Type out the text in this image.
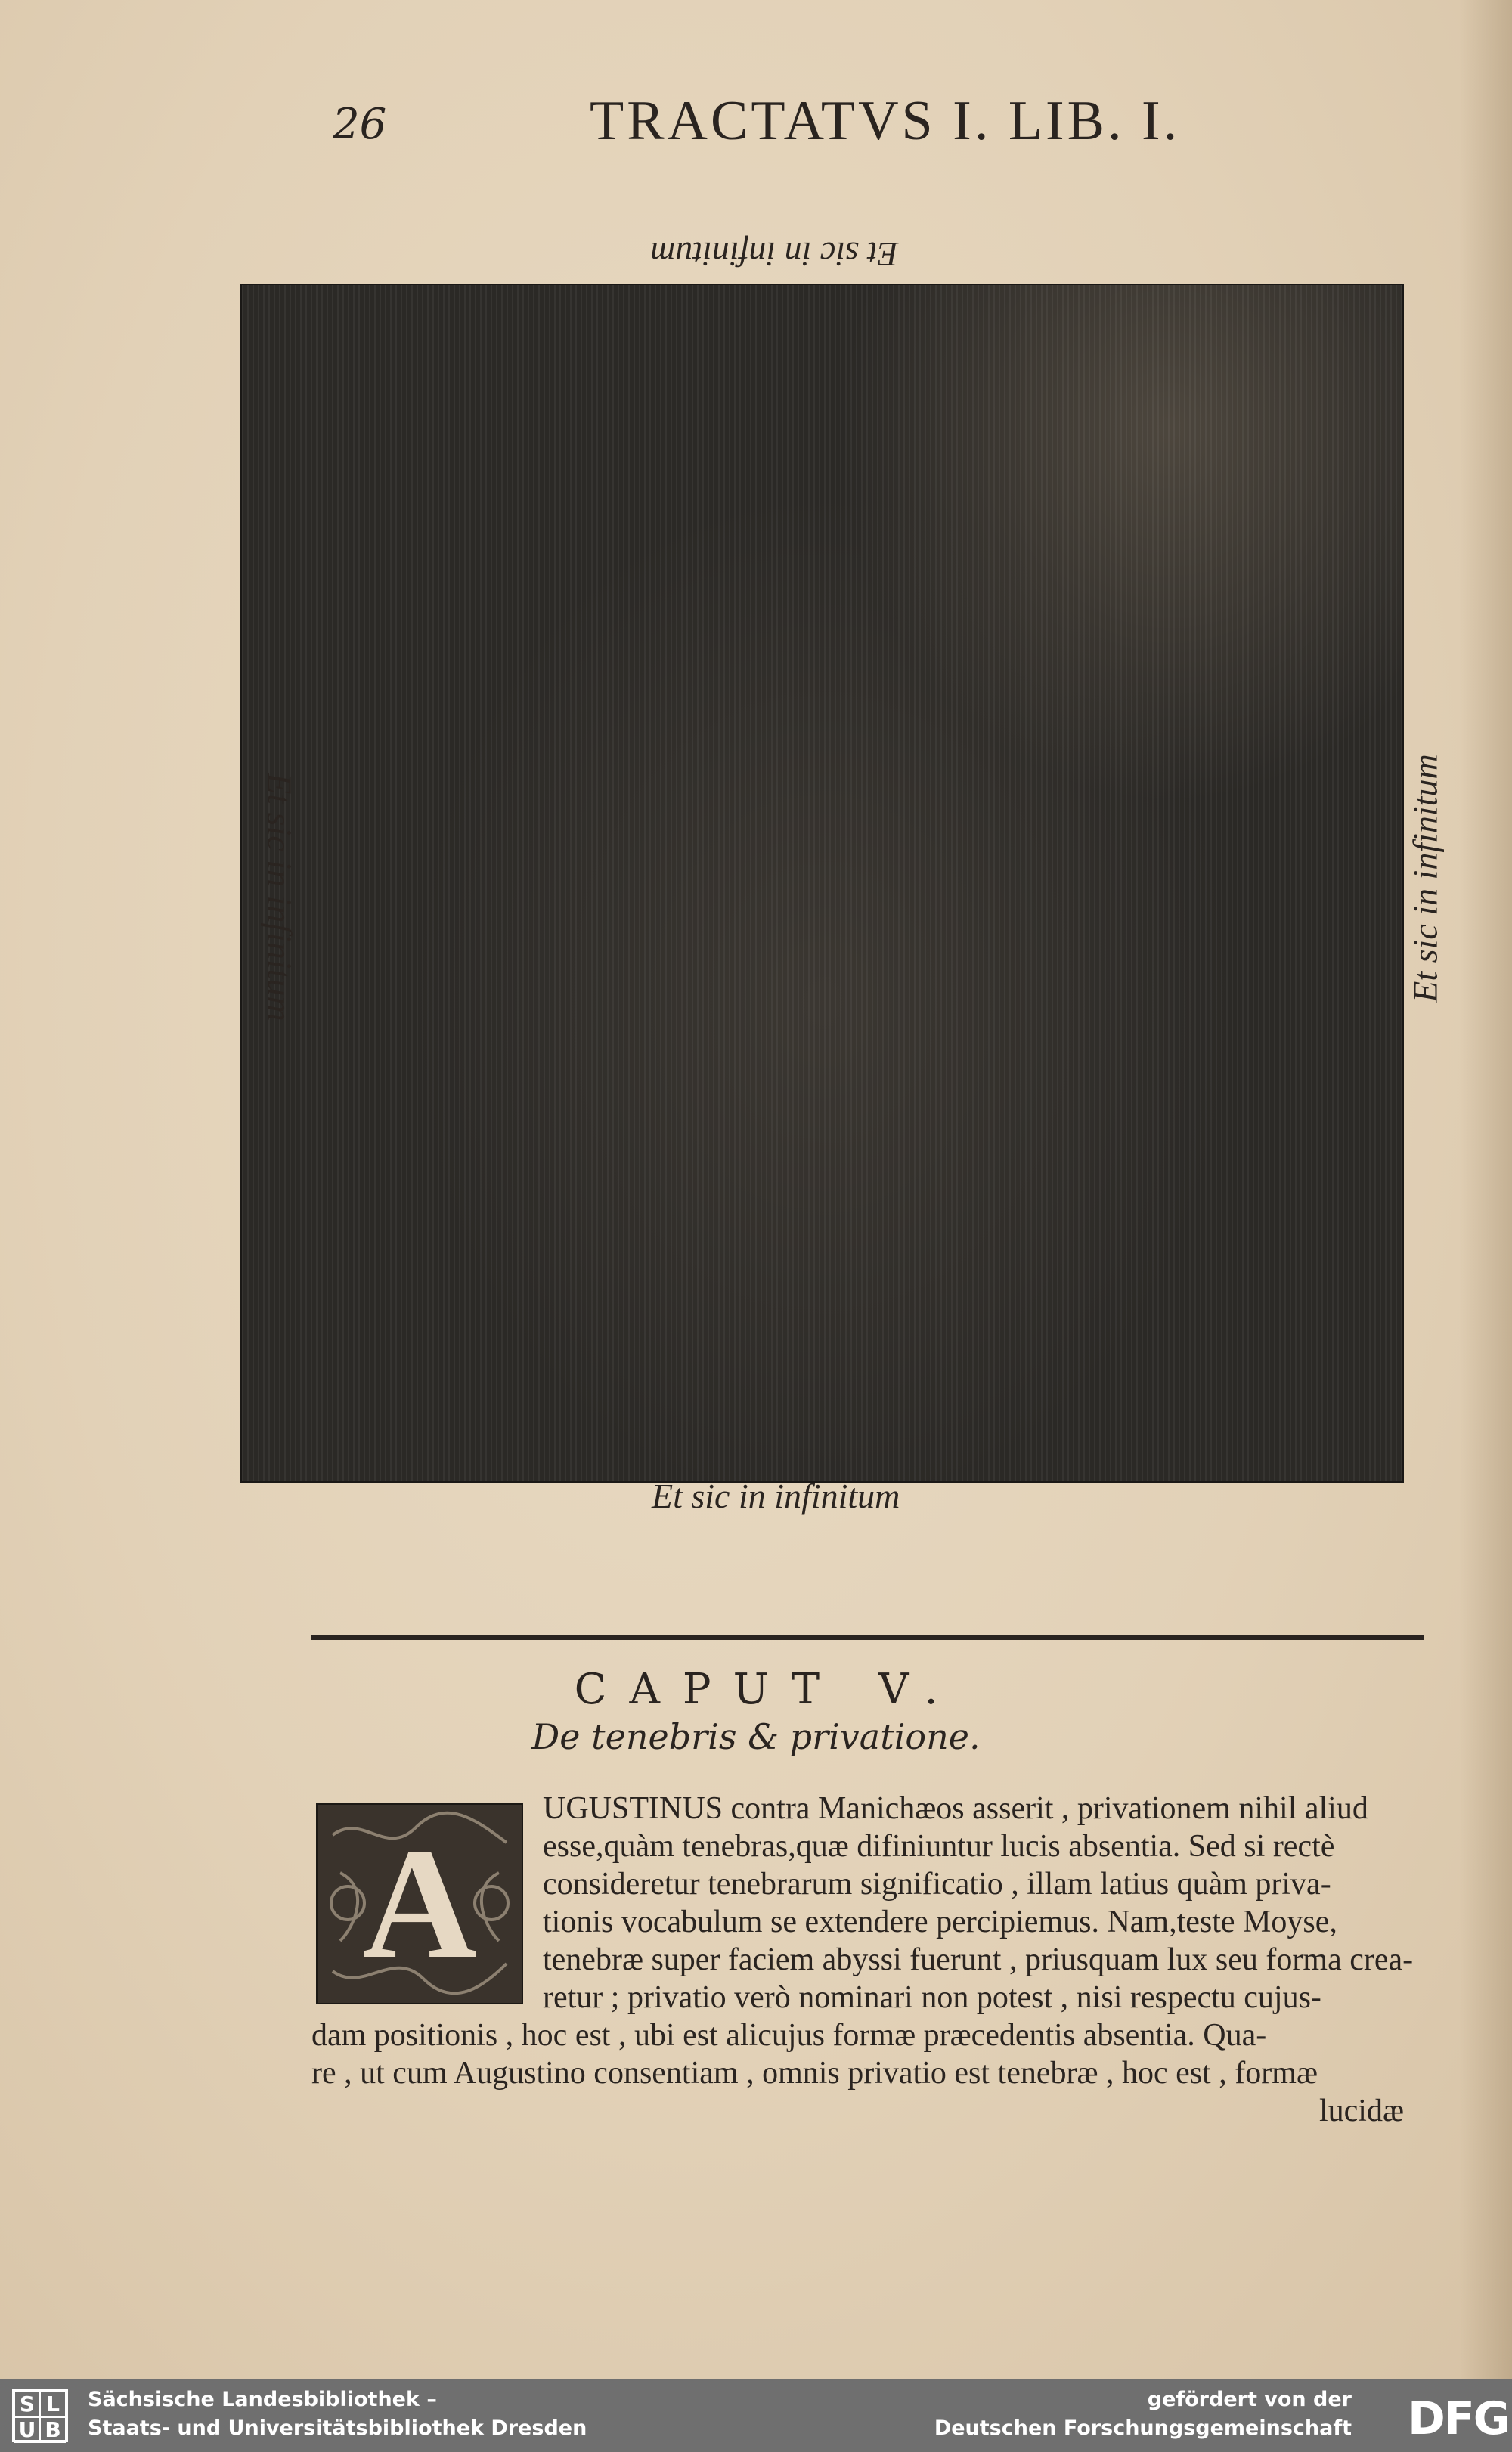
26	TRACTATVS I. LIB. I.
Et sic in infinitum
Et sic in infinitum
Et sic in infinitum	Et sic in infinitum
CAPUT V.
De tenebris & privatione.
A
UGUSTINUS contra Manichæos asserit , privationem nihil aliud
esse,quàm tenebras,quæ difiniuntur lucis absentia. Sed si rectè
consideretur tenebrarum significatio , illam latius quàm priva-
tionis vocabulum se extendere percipiemus. Nam,teste Moyse,
tenebræ super faciem abyssi fuerunt , priusquam lux seu forma crea-
retur ; privatio verò nominari non potest , nisi respectu cujus-
dam positionis , hoc est , ubi est alicujus formæ præcedentis absentia. Qua-
re , ut cum Augustino consentiam , omnis privatio est tenebræ , hoc est , formæ
lucidæ
S L
U B
Sächsische Landesbibliothek –
Staats- und Universitätsbibliothek Dresden
gefördert von der
Deutschen Forschungsgemeinschaft DFG
